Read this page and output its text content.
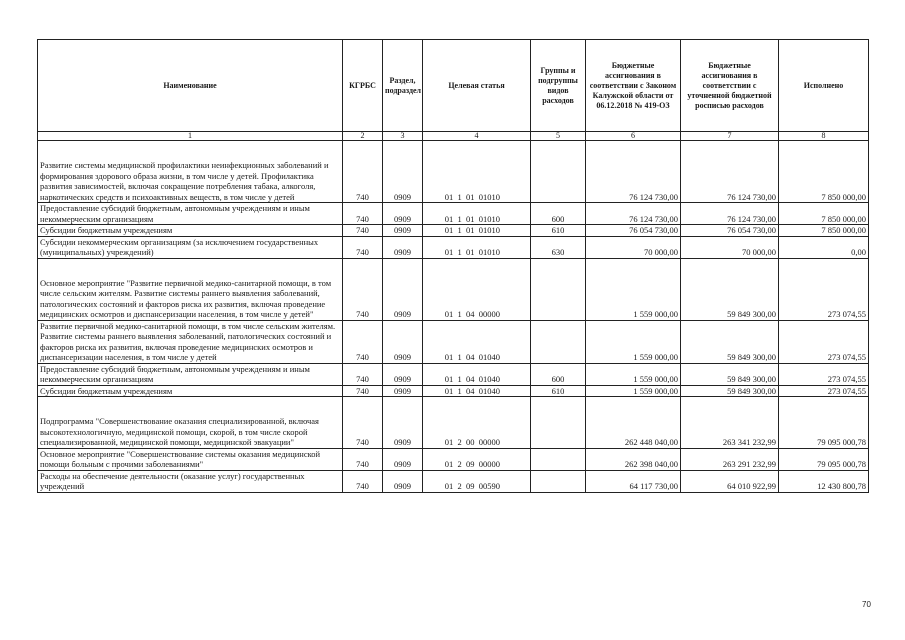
Наименование	КГРБС	Раздел, подраздел	Целевая статья	Группы и подгруппы видов расходов	Бюджетные ассигнования в соответствии с Законом Калужской области от 06.12.2018 № 419-ОЗ	Бюджетные ассигнования в соответствии с уточненной бюджетной росписью расходов	Исполнено
1	2	3	4	5	6	7	8
Развитие системы медицинской профилактики неинфекционных заболеваний и формирования здорового образа жизни, в том числе у детей. Профилактика развития зависимостей, включая сокращение потребления табака, алкоголя, наркотических средств и психоактивных веществ, в том числе у детей	740	0909	01  1  01  01010		76 124 730,00	76 124 730,00	7 850 000,00
Предоставление субсидий бюджетным, автономным учреждениям и иным некоммерческим организациям	740	0909	01  1  01  01010	600	76 124 730,00	76 124 730,00	7 850 000,00
Субсидии бюджетным учреждениям	740	0909	01  1  01  01010	610	76 054 730,00	76 054 730,00	7 850 000,00
Субсидии некоммерческим организациям (за исключением государственных (муниципальных) учреждений)	740	0909	01  1  01  01010	630	70 000,00	70 000,00	0,00
Основное мероприятие "Развитие первичной медико-санитарной помощи, в том числе сельским жителям. Развитие системы раннего выявления заболеваний, патологических состояний и факторов риска их развития, включая проведение медицинских осмотров и диспансеризации населения, в том числе у детей"	740	0909	01  1  04  00000		1 559 000,00	59 849 300,00	273 074,55
Развитие первичной медико-санитарной помощи, в том числе сельским жителям. Развитие системы раннего выявления заболеваний, патологических состояний и факторов риска их развития, включая проведение медицинских осмотров и диспансеризации населения, в том числе у детей	740	0909	01  1  04  01040		1 559 000,00	59 849 300,00	273 074,55
Предоставление субсидий бюджетным, автономным учреждениям и иным некоммерческим организациям	740	0909	01  1  04  01040	600	1 559 000,00	59 849 300,00	273 074,55
Субсидии бюджетным учреждениям	740	0909	01  1  04  01040	610	1 559 000,00	59 849 300,00	273 074,55
Подпрограмма "Совершенствование оказания специализированной, включая высокотехнологичную, медицинской помощи, скорой, в том числе скорой специализированной, медицинской помощи, медицинской эвакуации"	740	0909	01  2  00  00000		262 448 040,00	263 341 232,99	79 095 000,78
Основное мероприятие "Совершенствование системы оказания медицинской помощи больным с прочими заболеваниями"	740	0909	01  2  09  00000		262 398 040,00	263 291 232,99	79 095 000,78
Расходы на обеспечение деятельности (оказание услуг) государственных учреждений	740	0909	01  2  09  00590		64 117 730,00	64 010 922,99	12 430 800,78
70
